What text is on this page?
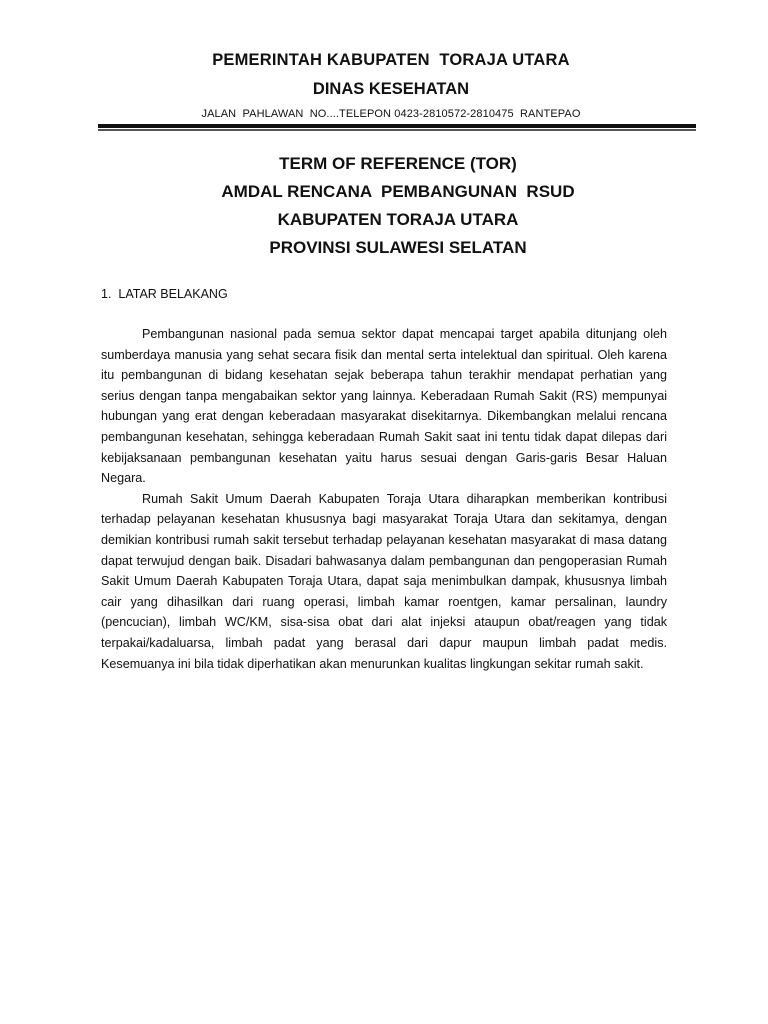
PEMERINTAH KABUPATEN  TORAJA UTARA
DINAS KESEHATAN
JALAN  PAHLAWAN  NO....TELEPON 0423-2810572-2810475  RANTEPAO
TERM OF REFERENCE (TOR)
AMDAL RENCANA  PEMBANGUNAN  RSUD
KABUPATEN TORAJA UTARA
PROVINSI SULAWESI SELATAN
1.  LATAR BELAKANG

Pembangunan nasional pada semua sektor dapat mencapai target apabila ditunjang oleh sumberdaya manusia yang sehat secara fisik dan mental serta intelektual dan spiritual. Oleh karena itu pembangunan di bidang kesehatan sejak beberapa tahun terakhir mendapat perhatian yang serius dengan tanpa mengabaikan sektor yang lainnya. Keberadaan Rumah Sakit (RS) mempunyai hubungan yang erat dengan keberadaan masyarakat disekitarnya. Dikembangkan melalui rencana pembangunan kesehatan, sehingga keberadaan Rumah Sakit saat ini tentu tidak dapat dilepas dari kebijaksanaan pembangunan kesehatan yaitu harus sesuai dengan Garis-garis Besar Haluan Negara.

Rumah Sakit Umum Daerah Kabupaten Toraja Utara diharapkan memberikan kontribusi terhadap pelayanan kesehatan khususnya bagi masyarakat Toraja Utara dan sekitamya, dengan demikian kontribusi rumah sakit tersebut terhadap pelayanan kesehatan masyarakat di masa datang dapat terwujud dengan baik. Disadari bahwasanya dalam pembangunan dan pengoperasian Rumah Sakit Umum Daerah Kabupaten Toraja Utara, dapat saja menimbulkan dampak, khususnya limbah cair yang dihasilkan dari ruang operasi, limbah kamar roentgen, kamar persalinan, laundry (pencucian), limbah WC/KM, sisa-sisa obat dari alat injeksi ataupun obat/reagen yang tidak terpakai/kadaluarsa, limbah padat yang berasal dari dapur maupun limbah padat medis. Kesemuanya ini bila tidak diperhatikan akan menurunkan kualitas lingkungan sekitar rumah sakit.
